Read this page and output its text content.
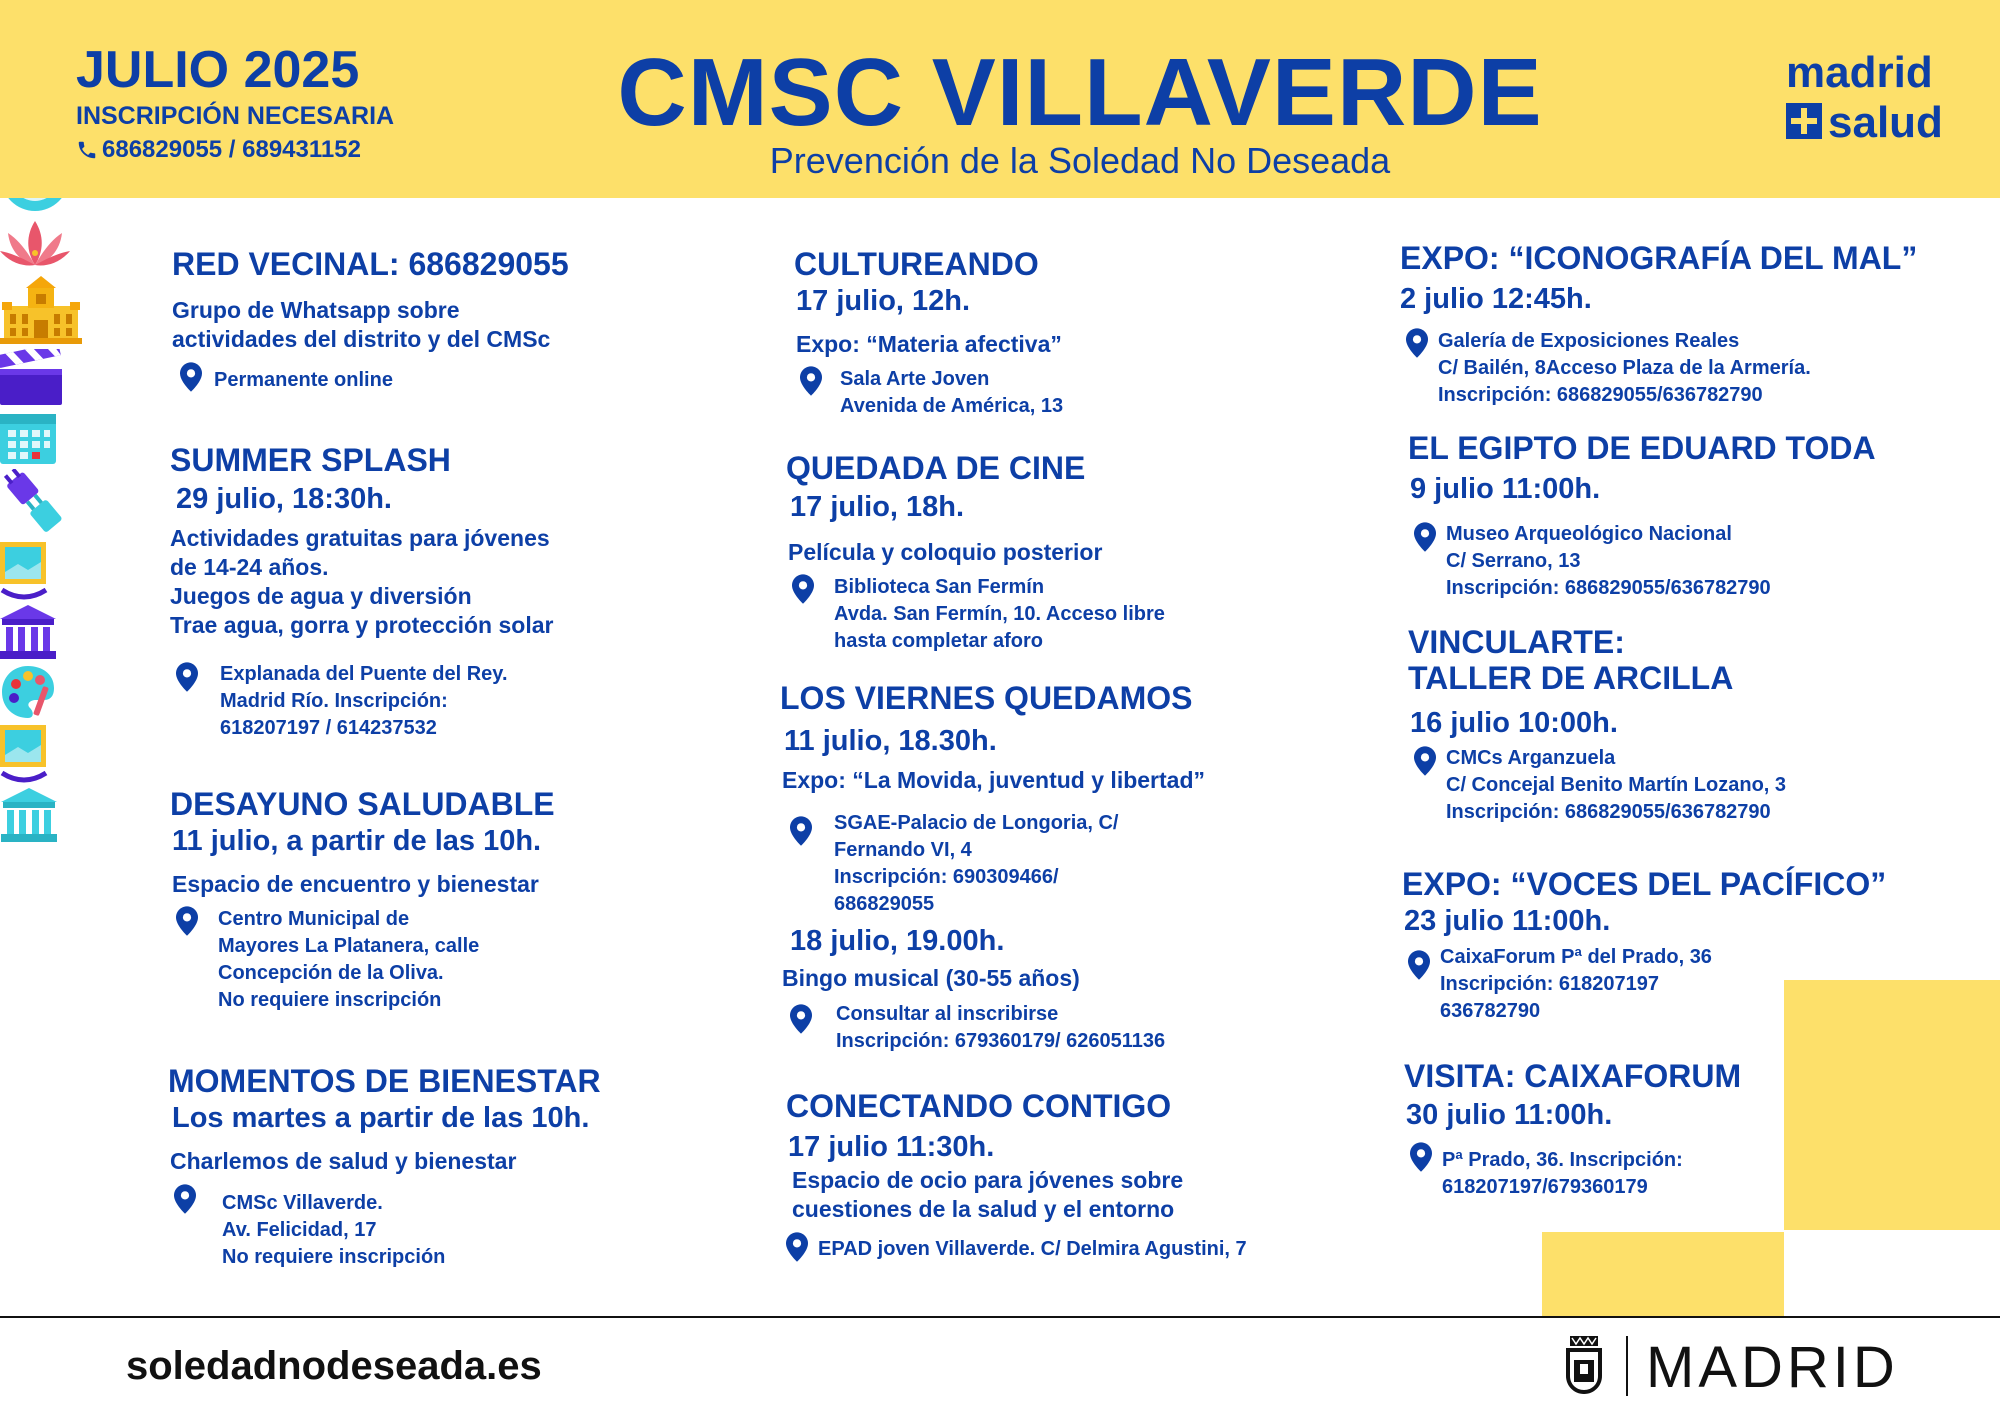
JULIO 2025
INSCRIPCIÓN NECESARIA
686829055 / 689431152
CMSC VILLAVERDE
Prevención de la Soledad No Deseada
madrid
salud
RED VECINAL: 686829055
Grupo de Whatsapp sobre
actividades del distrito y del CMSc
Permanente online
SUMMER SPLASH
29 julio, 18:30h.
Actividades gratuitas para jóvenes
de 14-24 años.
Juegos de agua y diversión
Trae agua, gorra y protección solar
Explanada del Puente del Rey.
Madrid Río. Inscripción:
618207197 / 614237532
DESAYUNO SALUDABLE
11 julio, a partir de las 10h.
Espacio de encuentro y bienestar
Centro Municipal de
Mayores La Platanera, calle
Concepción de la Oliva.
No requiere inscripción
MOMENTOS DE BIENESTAR
Los martes a partir de las 10h.
Charlemos de salud y bienestar
CMSc Villaverde.
Av. Felicidad, 17
No requiere inscripción
CULTUREANDO
17 julio, 12h.
Expo: “Materia afectiva”
Sala Arte Joven
Avenida de América, 13
QUEDADA DE CINE
17 julio, 18h.
Película y coloquio posterior
Biblioteca San Fermín
Avda. San Fermín, 10. Acceso libre
hasta completar aforo
LOS VIERNES QUEDAMOS
11 julio, 18.30h.
Expo: “La Movida, juventud y libertad”
SGAE-Palacio de Longoria, C/
Fernando VI, 4
Inscripción: 690309466/
686829055
18 julio, 19.00h.
Bingo musical (30-55 años)
Consultar al inscribirse
Inscripción: 679360179/ 626051136
CONECTANDO CONTIGO
17 julio 11:30h.
Espacio de ocio para jóvenes sobre
cuestiones de la salud y el entorno
EPAD joven Villaverde. C/ Delmira Agustini, 7
EXPO: “ICONOGRAFÍA DEL MAL”
2 julio 12:45h.
Galería de Exposiciones Reales
C/ Bailén, 8Acceso Plaza de la Armería.
Inscripción: 686829055/636782790
EL EGIPTO DE EDUARD TODA
9 julio 11:00h.
Museo Arqueológico Nacional
C/ Serrano, 13
Inscripción: 686829055/636782790
VINCULARTE:
TALLER DE ARCILLA
16 julio 10:00h.
CMCs Arganzuela
C/ Concejal Benito Martín Lozano, 3
Inscripción: 686829055/636782790
EXPO: “VOCES DEL PACÍFICO”
23 julio 11:00h.
CaixaForum Pª del Prado, 36
Inscripción: 618207197
636782790
VISITA: CAIXAFORUM
30 julio 11:00h.
Pª Prado, 36. Inscripción:
618207197/679360179
soledadnodeseada.es	MADRID
